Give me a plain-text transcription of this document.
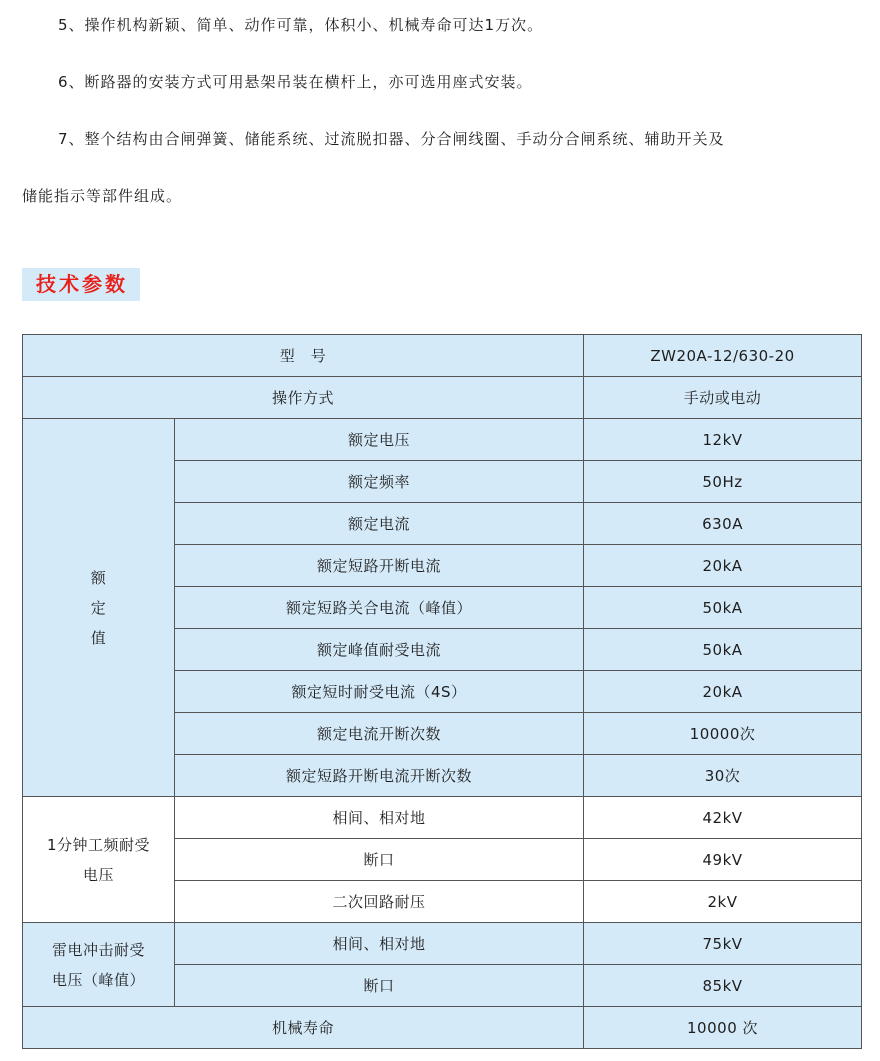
5、操作机构新颖、简单、动作可靠，体积小、机械寿命可达1万次。
6、断路器的安装方式可用悬架吊装在横杆上，亦可选用座式安装。
7、整个结构由合闸弹簧、储能系统、过流脱扣器、分合闸线圈、手动分合闸系统、辅助开关及
储能指示等部件组成。
技术参数
型　号		ZW20A-12/630-20
操作方式		手动或电动

额
定
值	额定电压	12kV
	额定频率	50Hz
	额定电流	630A
	额定短路开断电流	20kA
	额定短路关合电流（峰值）	50kA
	额定峰值耐受电流	50kA
	额定短时耐受电流（4S）	20kA
	额定电流开断次数	10000次
	额定短路开断电流开断次数	30次

1分钟工频耐受
电压	相间、相对地	42kV
	断口	49kV
	二次回路耐压	2kV

雷电冲击耐受
电压（峰值）	相间、相对地	75kV
	断口	85kV
机械寿命		10000 次
